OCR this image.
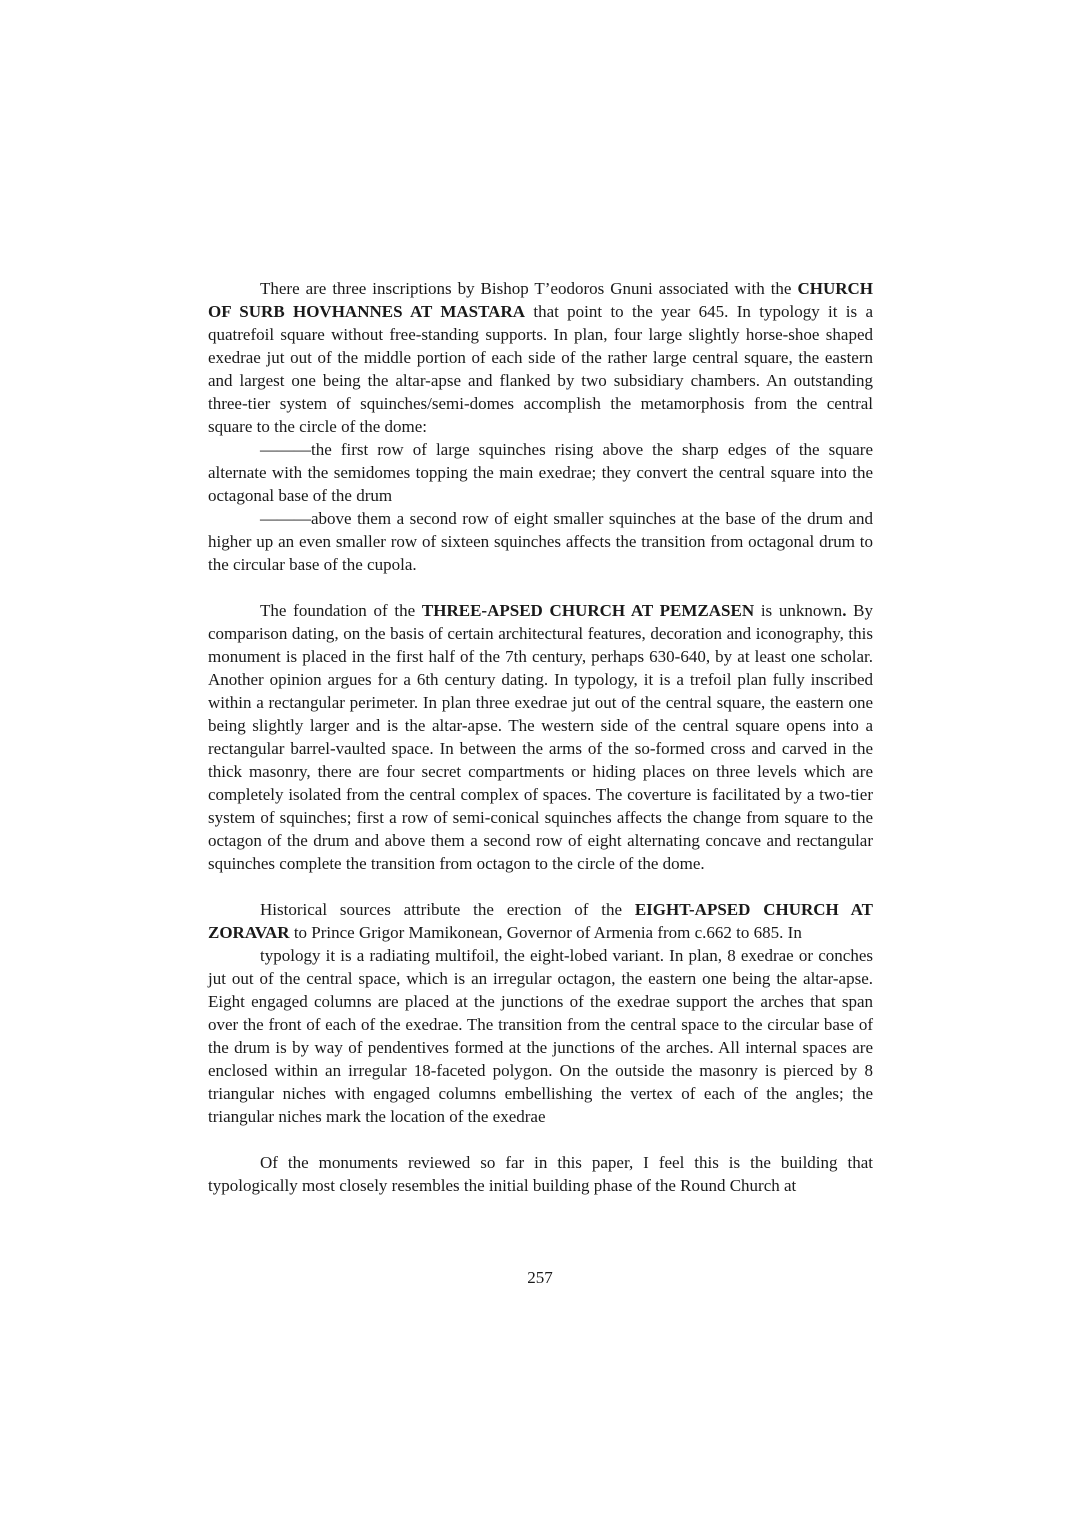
There are three inscriptions by Bishop T’eodoros Gnuni associated with the CHURCH OF SURB HOVHANNES AT MASTARA that point to the year 645. In typology it is a quatrefoil square without free-standing supports. In plan, four large slightly horse-shoe shaped exedrae jut out of the middle portion of each side of the rather large central square, the eastern and largest one being the altar-apse and flanked by two subsidiary chambers. An outstanding three-tier system of squinches/semi-domes accomplish the metamorphosis from the central square to the circle of the dome:

———the first row of large squinches rising above the sharp edges of the square alternate with the semidomes topping the main exedrae; they convert the central square into the octagonal base of the drum

———above them a second row of eight smaller squinches at the base of the drum and higher up an even smaller row of sixteen squinches affects the transition from octagonal drum to the circular base of the cupola.

The foundation of the THREE-APSED CHURCH AT PEMZASEN is unknown. By comparison dating, on the basis of certain architectural features, decoration and iconography, this monument is placed in the first half of the 7th century, perhaps 630-640, by at least one scholar. Another opinion argues for a 6th century dating. In typology, it is a trefoil plan fully inscribed within a rectangular perimeter. In plan three exedrae jut out of the central square, the eastern one being slightly larger and is the altar-apse. The western side of the central square opens into a rectangular barrel-vaulted space. In between the arms of the so-formed cross and carved in the thick masonry, there are four secret compartments or hiding places on three levels which are completely isolated from the central complex of spaces. The coverture is facilitated by a two-tier system of squinches; first a row of semi-conical squinches affects the change from square to the octagon of the drum and above them a second row of eight alternating concave and rectangular squinches complete the transition from octagon to the circle of the dome.

Historical sources attribute the erection of the EIGHT-APSED CHURCH AT ZORAVAR to Prince Grigor Mamikonean, Governor of Armenia from c.662 to 685. In

typology it is a radiating multifoil, the eight-lobed variant. In plan, 8 exedrae or conches jut out of the central space, which is an irregular octagon, the eastern one being the altar-apse. Eight engaged columns are placed at the junctions of the exedrae support the arches that span over the front of each of the exedrae. The transition from the central space to the circular base of the drum is by way of pendentives formed at the junctions of the arches. All internal spaces are enclosed within an irregular 18-faceted polygon. On the outside the masonry is pierced by 8 triangular niches with engaged columns embellishing the vertex of each of the angles; the triangular niches mark the location of the exedrae

Of the monuments reviewed so far in this paper, I feel this is the building that typologically most closely resembles the initial building phase of the Round Church at

257
